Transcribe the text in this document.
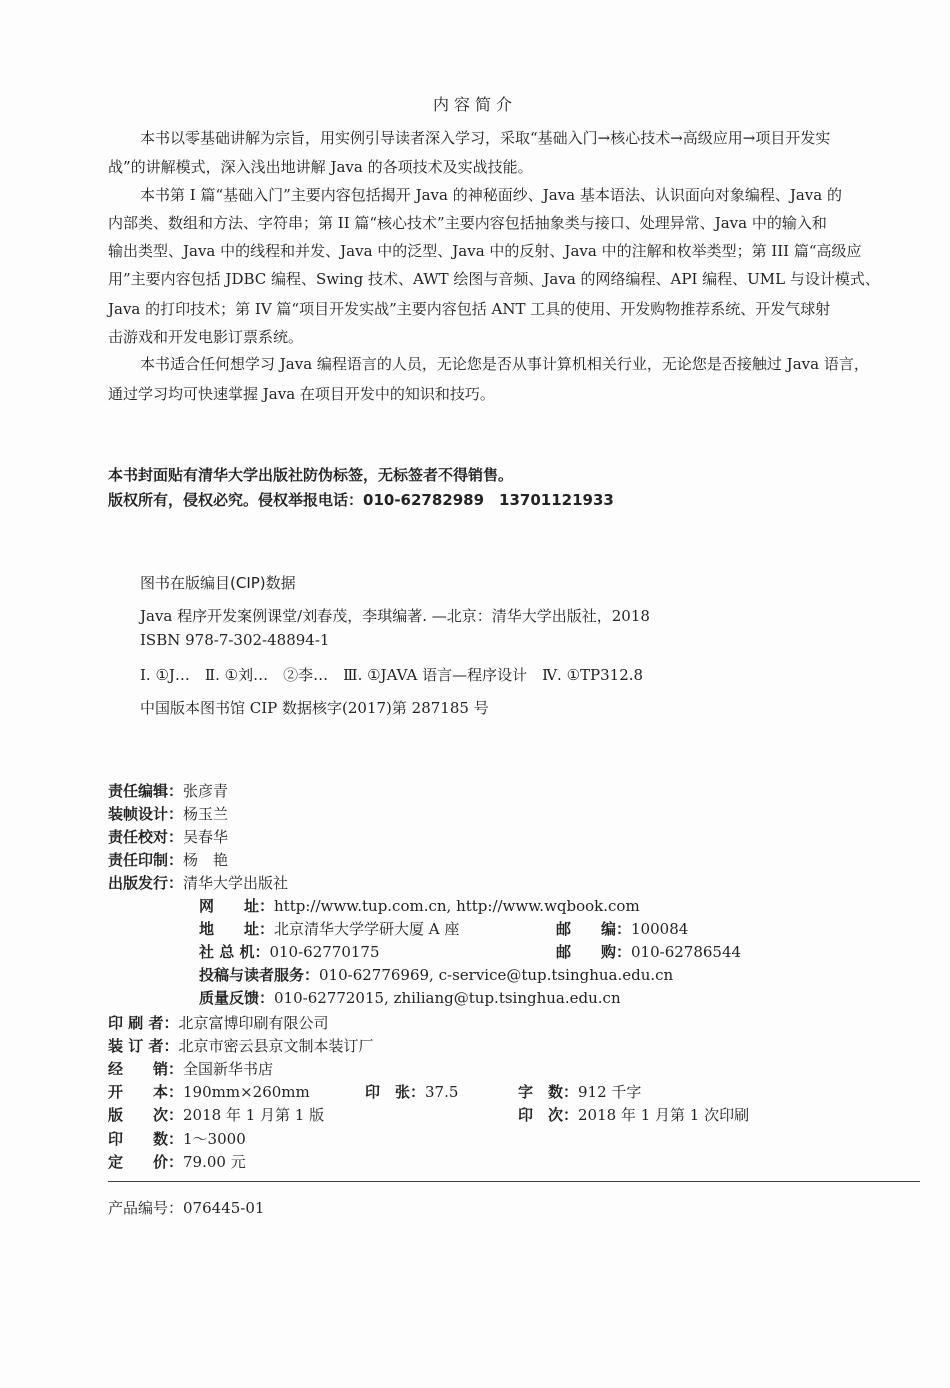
内容简介
本书以零基础讲解为宗旨，用实例引导读者深入学习，采取“基础入门→核心技术→高级应用→项目开发实
战”的讲解模式，深入浅出地讲解 Java 的各项技术及实战技能。
本书第 I 篇“基础入门”主要内容包括揭开 Java 的神秘面纱、Java 基本语法、认识面向对象编程、Java 的
内部类、数组和方法、字符串；第 II 篇“核心技术”主要内容包括抽象类与接口、处理异常、Java 中的输入和
输出类型、Java 中的线程和并发、Java 中的泛型、Java 中的反射、Java 中的注解和枚举类型；第 III 篇“高级应
用”主要内容包括 JDBC 编程、Swing 技术、AWT 绘图与音频、Java 的网络编程、API 编程、UML 与设计模式、
Java 的打印技术；第 IV 篇“项目开发实战”主要内容包括 ANT 工具的使用、开发购物推荐系统、开发气球射
击游戏和开发电影订票系统。
本书适合任何想学习 Java 编程语言的人员，无论您是否从事计算机相关行业，无论您是否接触过 Java 语言，
通过学习均可快速掌握 Java 在项目开发中的知识和技巧。
本书封面贴有清华大学出版社防伪标签，无标签者不得销售。
版权所有，侵权必究。侵权举报电话：010-62782989　13701121933
图书在版编目(CIP)数据
Java 程序开发案例课堂/刘春茂，李琪编著. —北京：清华大学出版社，2018
ISBN 978-7-302-48894-1
Ⅰ. ①J…　Ⅱ. ①刘…　②李…　Ⅲ. ①JAVA 语言—程序设计　Ⅳ. ①TP312.8
中国版本图书馆 CIP 数据核字(2017)第 287185 号
责任编辑：张彦青
装帧设计：杨玉兰
责任校对：吴春华
责任印制：杨　艳
出版发行：清华大学出版社
网　　址：http://www.tup.com.cn, http://www.wqbook.com
地　　址：北京清华大学学研大厦 A 座	邮　　编：100084
社 总 机：010-62770175	邮　　购：010-62786544
投稿与读者服务：010-62776969, c-service@tup.tsinghua.edu.cn
质量反馈：010-62772015, zhiliang@tup.tsinghua.edu.cn
印 刷 者：北京富博印刷有限公司
装 订 者：北京市密云县京文制本装订厂
经　　销：全国新华书店
开　　本：190mm×260mm	印　张：37.5	字　数：912 千字
版　　次：2018 年 1 月第 1 版	印　次：2018 年 1 月第 1 次印刷
印　　数：1～3000
定　　价：79.00 元
产品编号：076445-01
